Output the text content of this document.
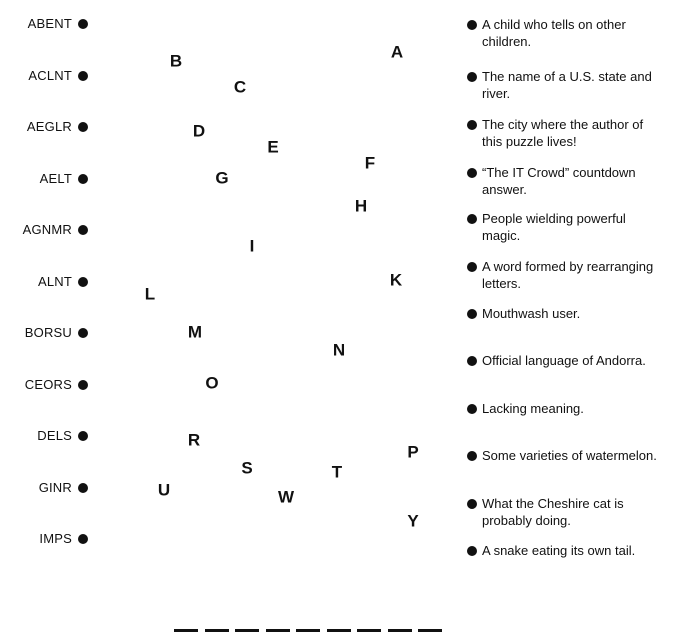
ABENT
ACLNT
AEGLR
AELT
AGNMR
ALNT
BORSU
CEORS
DELS
GINR
IMPS
A
B
C
D
E
F
G
H
I
K
L
M
N
O
P
R
S	T
U	W
Y
A child who tells on other children.
The name of a U.S. state and river.
The city where the author of this puzzle lives!
“The IT Crowd” countdown answer.
People wielding powerful magic.
A word formed by rearranging letters.
Mouthwash user.
Official language of Andorra.
Lacking meaning.
Some varieties of watermelon.
What the Cheshire cat is probably doing.
A snake eating its own tail.
